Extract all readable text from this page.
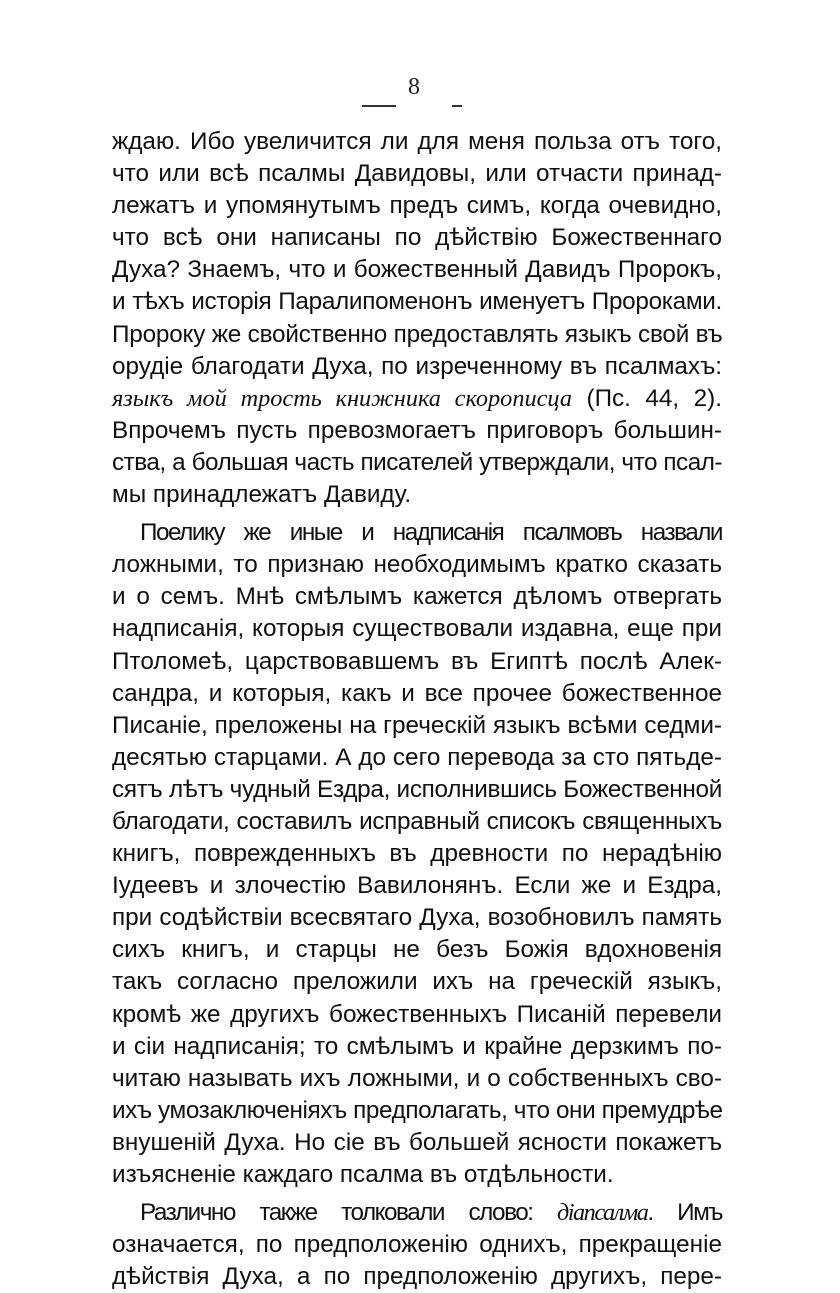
8
ждаю. Ибо увеличится ли для меня польза отъ того,
что или всѣ псалмы Давидовы, или отчасти принад-
лежатъ и упомянутымъ предъ симъ, когда очевидно,
что всѣ они написаны по дѣйствію Божественнаго
Духа? Знаемъ, что и божественный Давидъ Пророкъ,
и тѣхъ исторія Паралипоменонъ именуетъ Пророками.
Пророку же свойственно предоставлять языкъ свой въ
орудіе благодати Духа, по изреченному въ псалмахъ:
языкъ мой трость книжника скорописца (Пс. 44, 2).
Впрочемъ пусть превозмогаетъ приговоръ большин-
ства, а большая часть писателей утверждали, что псал-
мы принадлежатъ Давиду.
Поелику же иные и надписанія псалмовъ назвали
ложными, то признаю необходимымъ кратко сказать
и о семъ. Мнѣ смѣлымъ кажется дѣломъ отвергать
надписанія, которыя существовали издавна, еще при
Птоломеѣ, царствовавшемъ въ Египтѣ послѣ Алек-
сандра, и которыя, какъ и все прочее божественное
Писаніе, преложены на греческій языкъ всѣми седми-
десятью старцами. А до сего перевода за сто пятьде-
сятъ лѣтъ чудный Ездра, исполнившись Божественной
благодати, составилъ исправный списокъ священныхъ
книгъ, поврежденныхъ въ древности по нерадѣнію
Іудеевъ и злочестію Вавилонянъ. Если же и Ездра,
при содѣйствіи всесвятаго Духа, возобновилъ память
сихъ книгъ, и старцы не безъ Божія вдохновенія
такъ согласно преложили ихъ на греческій языкъ,
кромѣ же другихъ божественныхъ Писаній перевели
и сіи надписанія; то смѣлымъ и крайне дерзкимъ по-
читаю называть ихъ ложными, и о собственныхъ сво-
ихъ умозаключеніяхъ предполагать, что они премудрѣе
внушеній Духа. Но сіе въ большей ясности покажетъ
изъясненіе каждаго псалма въ отдѣльности.
Различно также толковали слово: діапсалма. Имъ
означается, по предположенію однихъ, прекращеніе
дѣйствія Духа, а по предположенію другихъ, пере-
